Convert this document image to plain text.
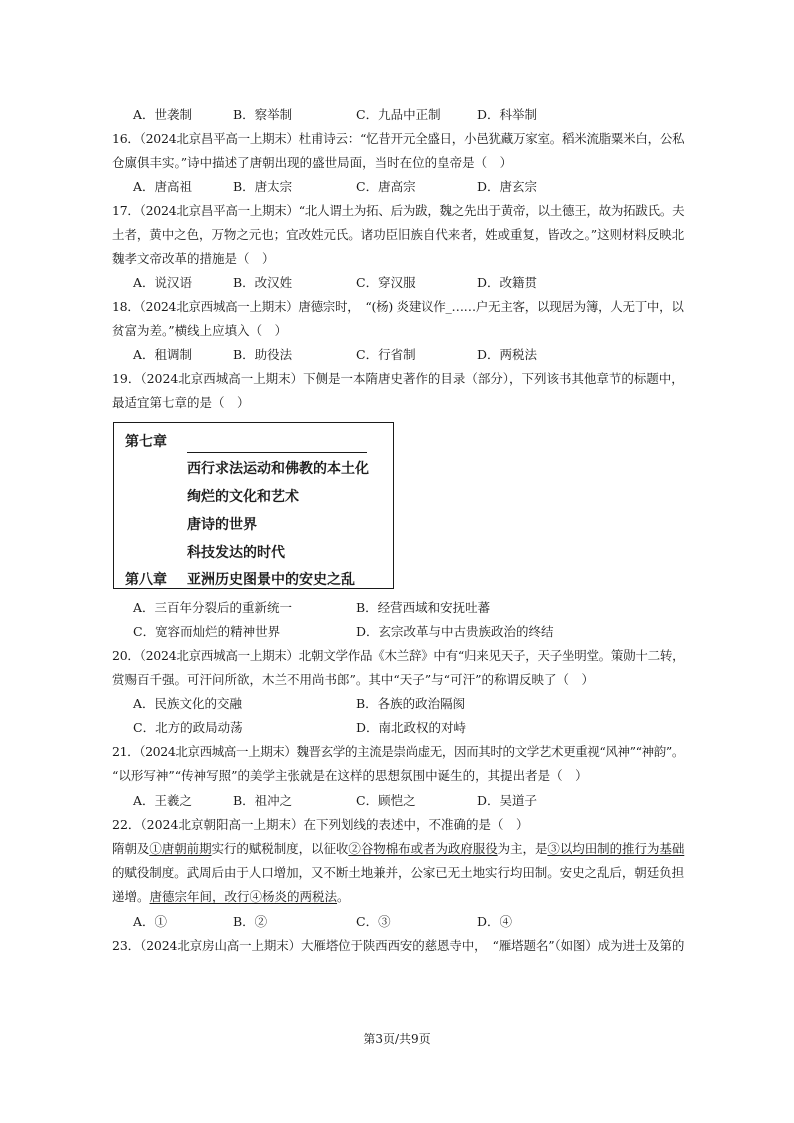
A．世袭制	B．察举制	C．九品中正制	D．科举制
16．（2024北京昌平高一上期末）杜甫诗云：“忆昔开元全盛日，小邑犹藏万家室。稻米流脂粟米白，公私
仓廪俱丰实。”诗中描述了唐朝出现的盛世局面，当时在位的皇帝是（　）
A．唐高祖	B．唐太宗	C．唐高宗	D．唐玄宗
17．（2024北京昌平高一上期末）“北人谓土为拓、后为跋，魏之先出于黄帝，以土德王，故为拓跋氏。夫
土者，黄中之色，万物之元也；宜改姓元氏。诸功臣旧族自代来者，姓或重复，皆改之。”这则材料反映北
魏孝文帝改革的措施是（　）
A．说汉语	B．改汉姓	C．穿汉服	D．改籍贯
18．（2024北京西城高一上期末）唐德宗时，　“(杨) 炎建议作_……户无主客，以现居为簿，人无丁中，以
贫富为差。”横线上应填入（　）
A．租调制	B．助役法	C．行省制	D．两税法
19．（2024北京西城高一上期末）下侧是一本隋唐史著作的目录（部分），下列该书其他章节的标题中，
最适宜第七章的是（　）
第七章
西行求法运动和佛教的本土化
绚烂的文化和艺术
唐诗的世界
科技发达的时代
第八章 亚洲历史图景中的安史之乱
A．三百年分裂后的重新统一	B．经营西域和安抚吐蕃
C．宽容而灿烂的精神世界	D．玄宗改革与中古贵族政治的终结
20．（2024北京西城高一上期末）北朝文学作品《木兰辞》中有“归来见天子，天子坐明堂。策勋十二转，
赏赐百千强。可汗问所欲，木兰不用尚书郎”。其中“天子”与“可汗”的称谓反映了（　）
A．民族文化的交融	B．各族的政治隔阂
C．北方的政局动荡	D．南北政权的对峙
21．（2024北京西城高一上期末）魏晋玄学的主流是崇尚虚无，因而其时的文学艺术更重视“风神”“神韵”。
“以形写神”“传神写照”的美学主张就是在这样的思想氛围中诞生的，其提出者是（　）
A．王羲之	B．祖冲之	C．顾恺之	D．吴道子
22．（2024北京朝阳高一上期末）在下列划线的表述中，不准确的是（　）
隋朝及①唐朝前期实行的赋税制度，以征收②谷物棉布或者为政府服役为主，是③以均田制的推行为基础
的赋役制度。武周后由于人口增加，又不断土地兼并，公家已无土地实行均田制。安史之乱后，朝廷负担
递增。唐德宗年间，改行④杨炎的两税法。
A．①	B．②	C．③	D．④
23．（2024北京房山高一上期末）大雁塔位于陕西西安的慈恩寺中，　“雁塔题名”（如图）成为进士及第的
第3页/共9页
